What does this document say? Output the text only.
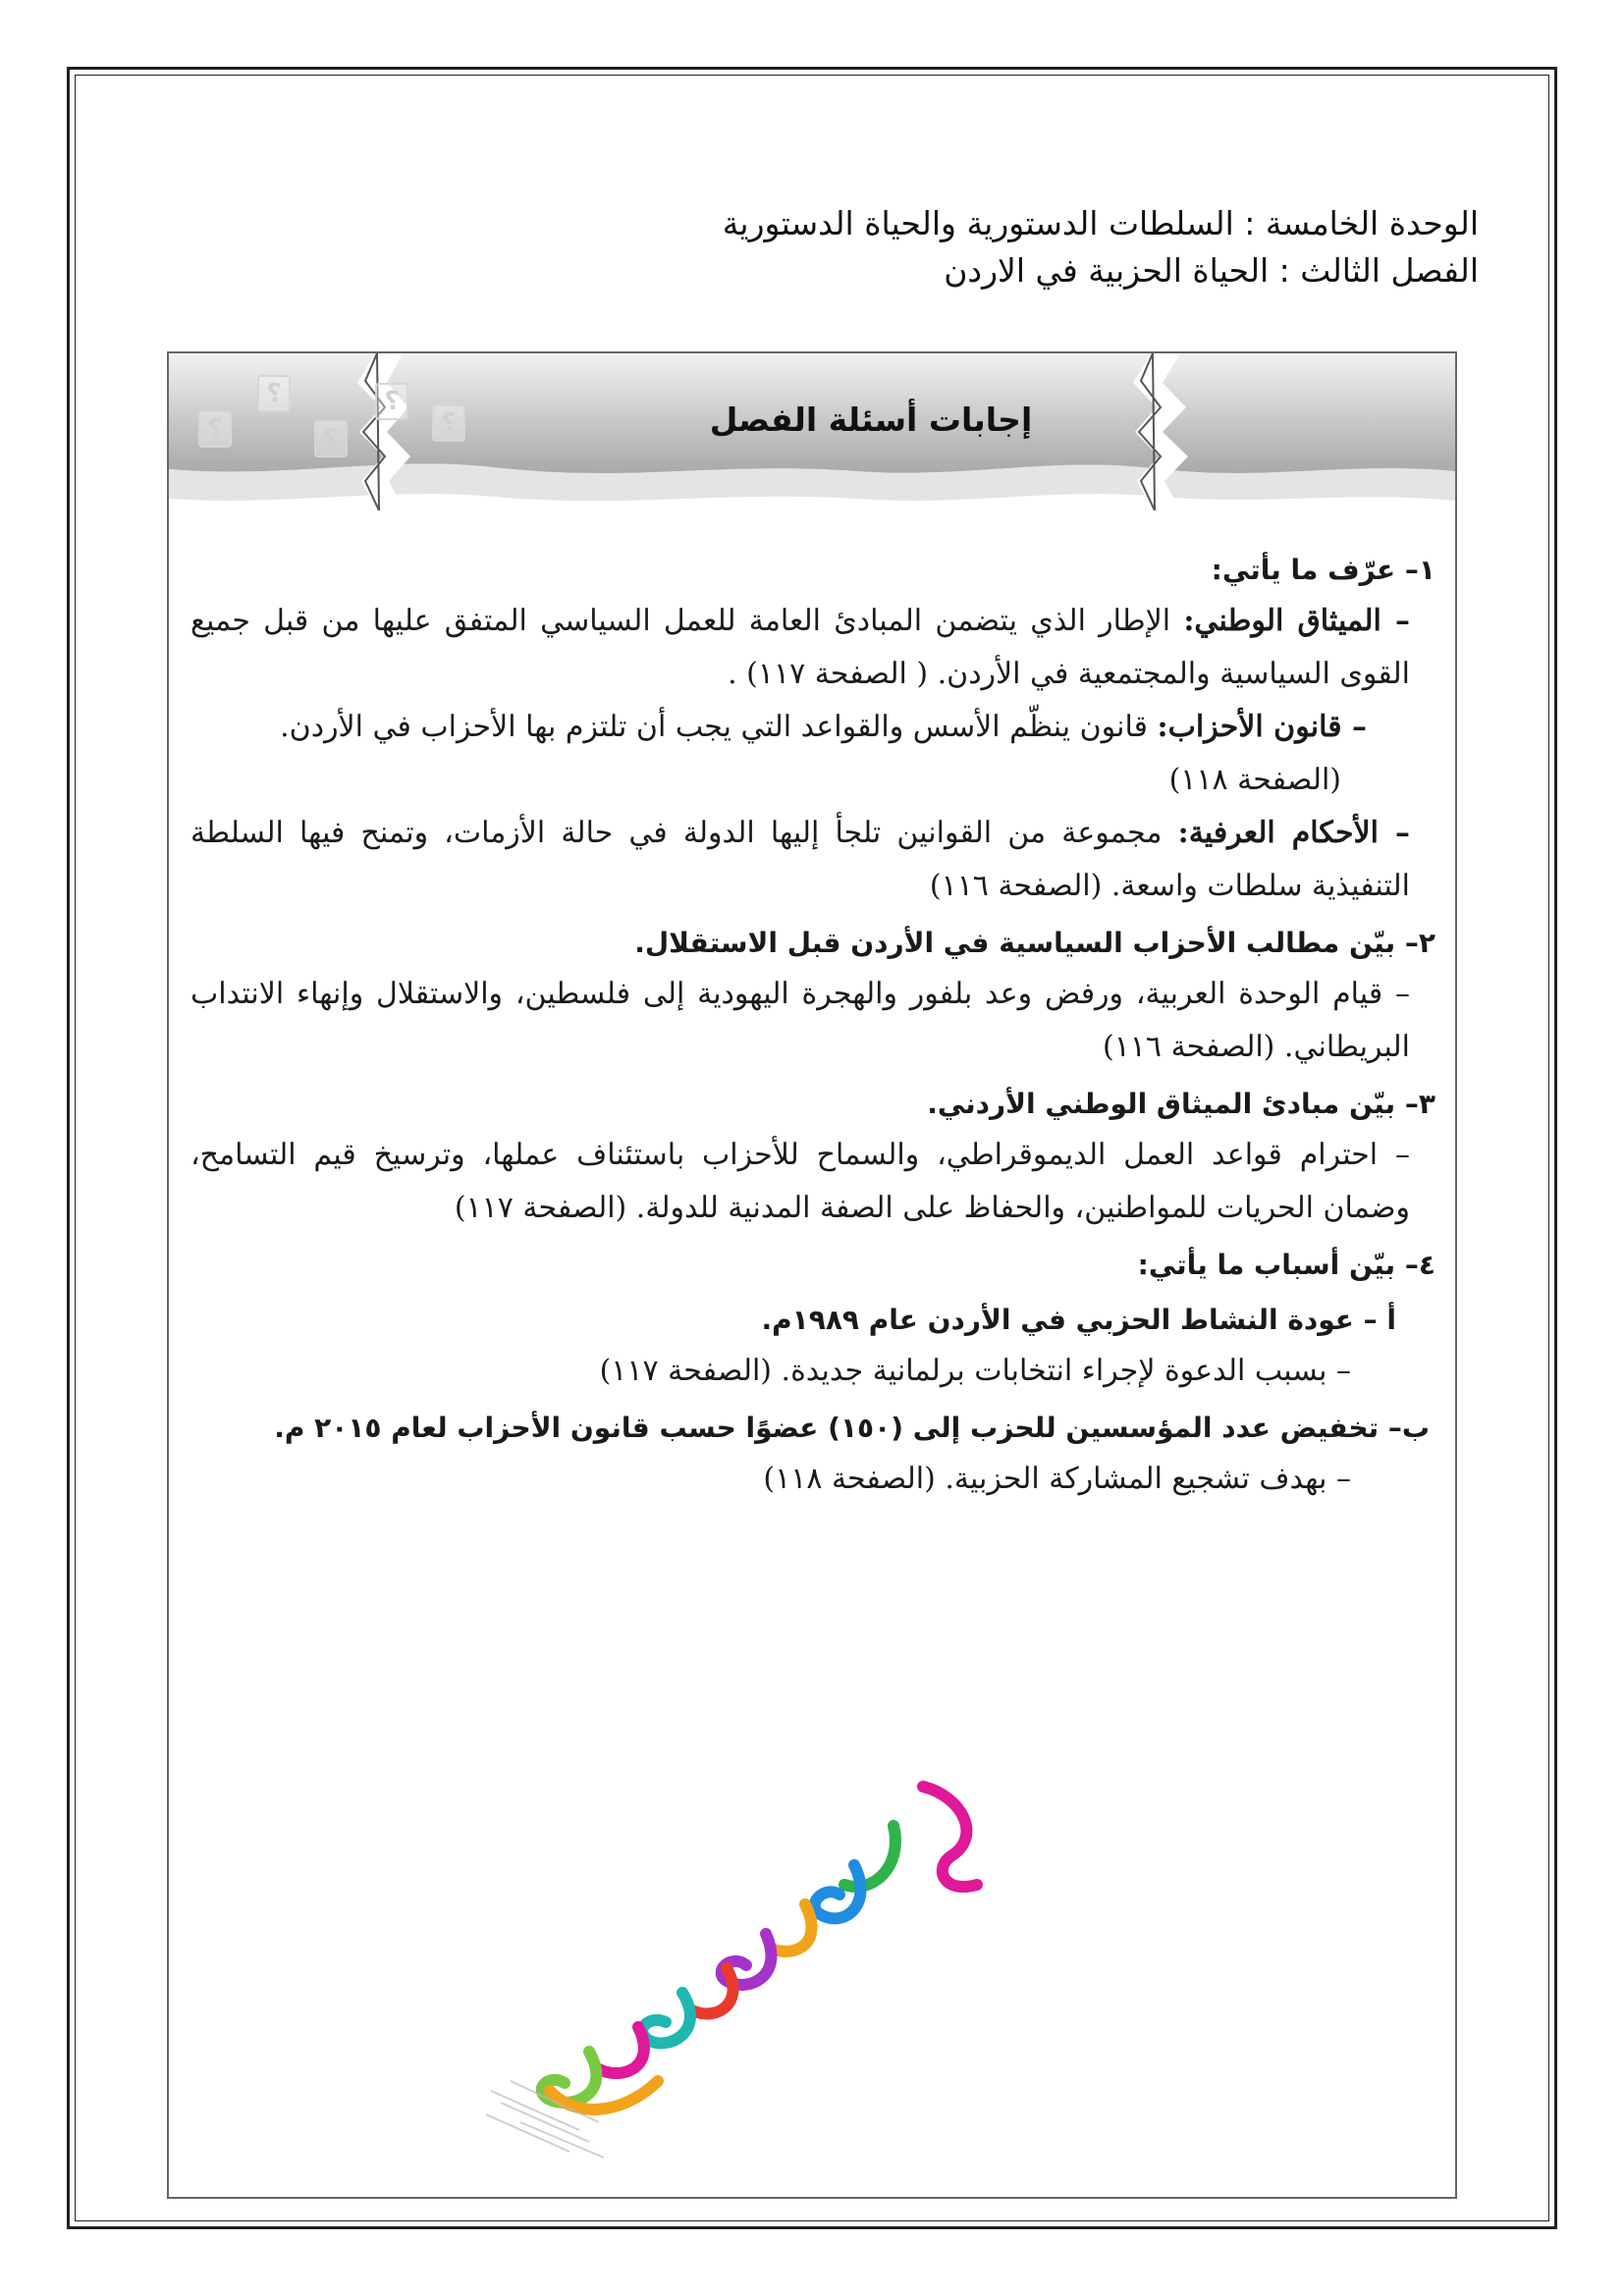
الوحدة الخامسة : السلطات الدستورية والحياة الدستورية
الفصل الثالث : الحياة الحزبية في الاردن
؟
؟	؟
؟
؟	إجابات أسئلة الفصل
١– عرّف ما يأتي:
– الميثاق الوطني: الإطار الذي يتضمن المبادئ العامة للعمل السياسي المتفق عليها من قبل جميع القوى السياسية والمجتمعية في الأردن. ( الصفحة ١١٧) .
– قانون الأحزاب: قانون ينظّم الأسس والقواعد التي يجب أن تلتزم بها الأحزاب في الأردن.
(الصفحة ١١٨)
– الأحكام العرفية: مجموعة من القوانين تلجأ إليها الدولة في حالة الأزمات، وتمنح فيها السلطة التنفيذية سلطات واسعة. (الصفحة ١١٦)
٢– بيّن مطالب الأحزاب السياسية في الأردن قبل الاستقلال.
– قيام الوحدة العربية، ورفض وعد بلفور والهجرة اليهودية إلى فلسطين، والاستقلال وإنهاء الانتداب البريطاني. (الصفحة ١١٦)
٣– بيّن مبادئ الميثاق الوطني الأردني.
– احترام قواعد العمل الديموقراطي، والسماح للأحزاب باستئناف عملها، وترسيخ قيم التسامح، وضمان الحريات للمواطنين، والحفاظ على الصفة المدنية للدولة. (الصفحة ١١٧)
٤– بيّن أسباب ما يأتي:
أ – عودة النشاط الحزبي في الأردن عام ١٩٨٩م.
– بسبب الدعوة لإجراء انتخابات برلمانية جديدة. (الصفحة ١١٧)
ب– تخفيض عدد المؤسسين للحزب إلى (١٥٠) عضوًا حسب قانون الأحزاب لعام ٢٠١٥ م.
– بهدف تشجيع المشاركة الحزبية. (الصفحة ١١٨)
